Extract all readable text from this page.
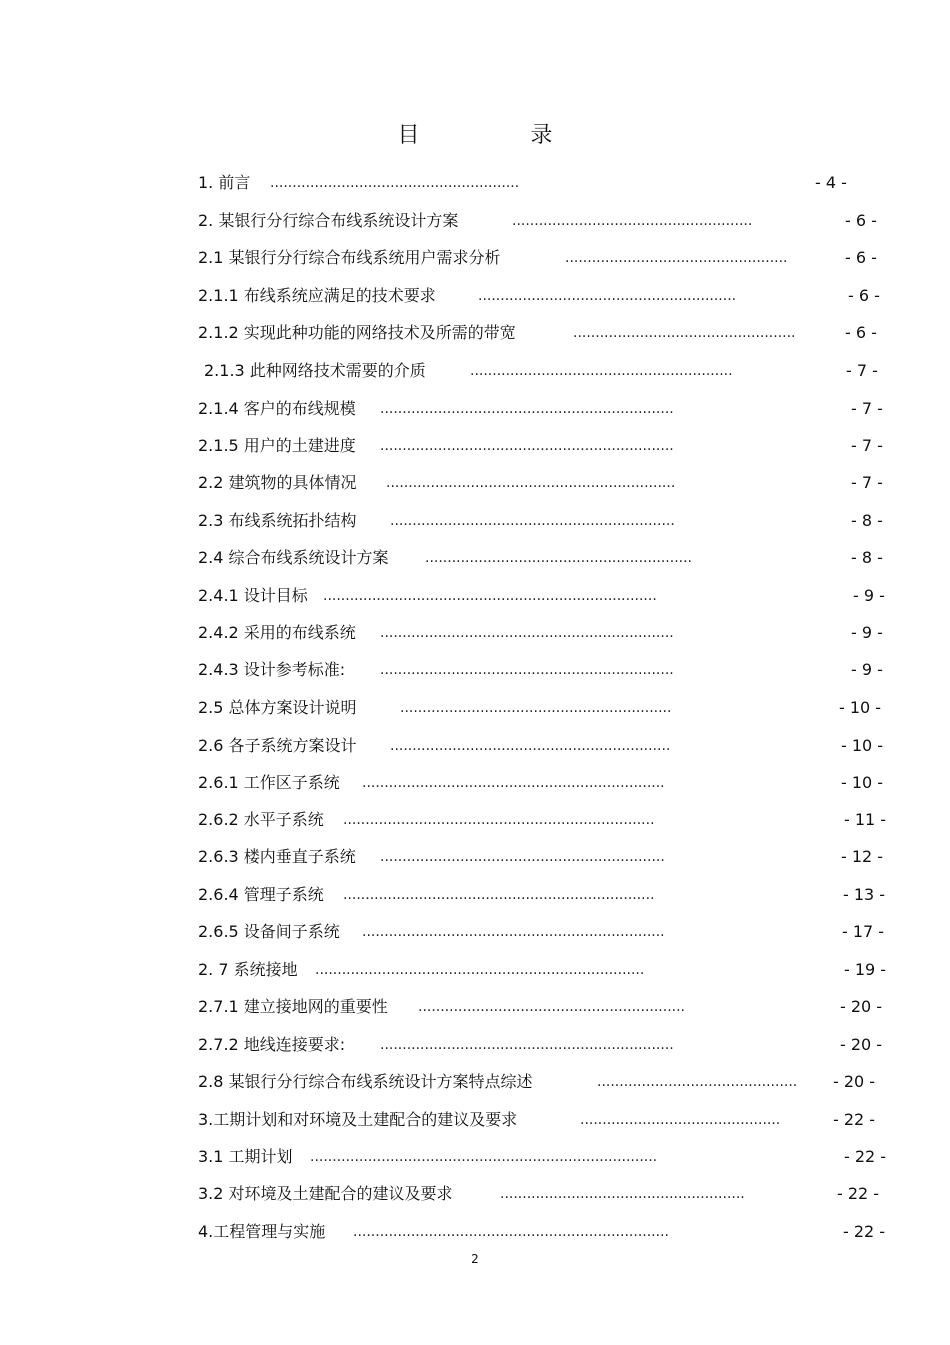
目 录
1. 前言 ........................................................	- 4 -
2. 某银行分行综合布线系统设计方案	......................................................	- 6 -
2.1 某银行分行综合布线系统用户需求分析	..................................................	- 6 -
2.1.1 布线系统应满足的技术要求	..........................................................	- 6 -
2.1.2 实现此种功能的网络技术及所需的带宽	..................................................	- 6 -
2.1.3 此种网络技术需要的介质	...........................................................	- 7 -
2.1.4 客户的布线规模 ..................................................................	- 7 -
2.1.5 用户的土建进度 ..................................................................	- 7 -
2.2 建筑物的具体情况 .................................................................	- 7 -
2.3 布线系统拓扑结构 ................................................................	- 8 -
2.4 综合布线系统设计方案	............................................................	- 8 -
2.4.1 设计目标 ...........................................................................	- 9 -
2.4.2 采用的布线系统 ..................................................................	- 9 -
2.4.3 设计参考标准: ..................................................................	- 9 -
2.5 总体方案设计说明	.............................................................	- 10 -
2.6 各子系统方案设计 ...............................................................	- 10 -
2.6.1 工作区子系统 ....................................................................	- 10 -
2.6.2 水平子系统 ......................................................................	- 11 -
2.6.3 楼内垂直子系统 ................................................................	- 12 -
2.6.4 管理子系统 ......................................................................	- 13 -
2.6.5 设备间子系统 ....................................................................	- 17 -
2. 7 系统接地 ..........................................................................	- 19 -
2.7.1 建立接地网的重要性 ............................................................	- 20 -
2.7.2 地线连接要求: ..................................................................	- 20 -
2.8 某银行分行综合布线系统设计方案特点综述	.............................................	- 20 -
3.工期计划和对环境及土建配合的建议及要求	.............................................	- 22 -
3.1 工期计划 ..............................................................................	- 22 -
3.2 对环境及土建配合的建议及要求	.......................................................	- 22 -
4.工程管理与实施 .......................................................................	- 22 -
2
